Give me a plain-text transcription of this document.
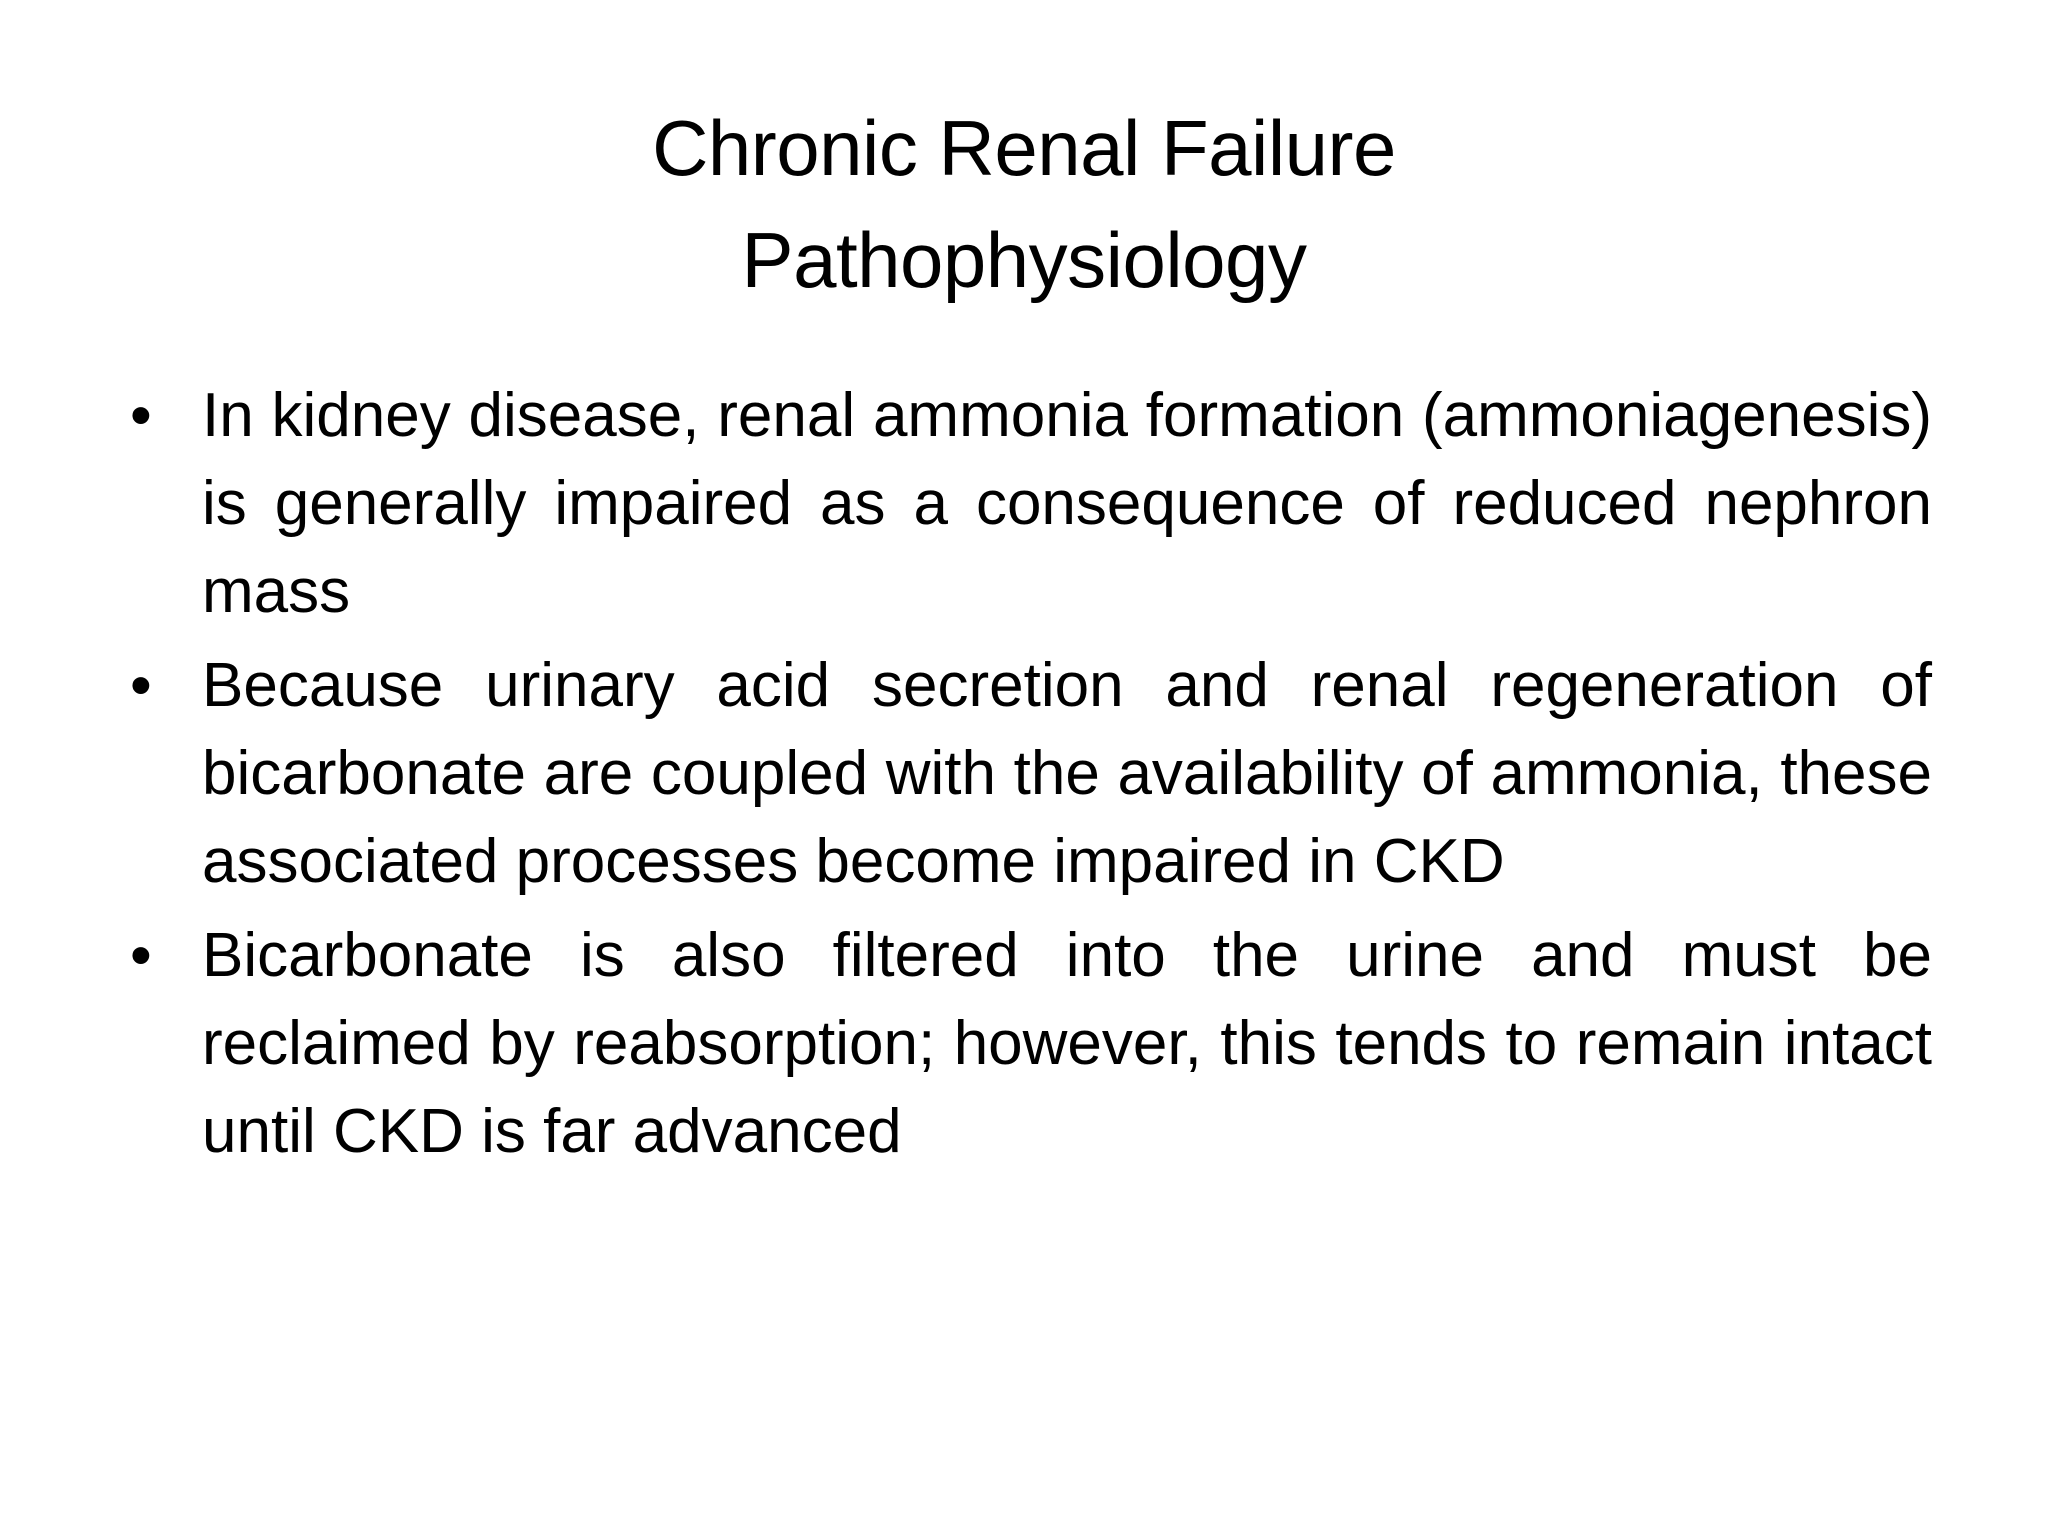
Chronic Renal Failure
Pathophysiology
• In kidney disease, renal ammonia formation (ammoniagenesis) is generally impaired as a consequence of reduced nephron mass
• Because urinary acid secretion and renal regeneration of bicarbonate are coupled with the availability of ammonia, these associated processes become impaired in CKD
• Bicarbonate is also filtered into the urine and must be reclaimed by reabsorption; however, this tends to remain intact until CKD is far advanced
